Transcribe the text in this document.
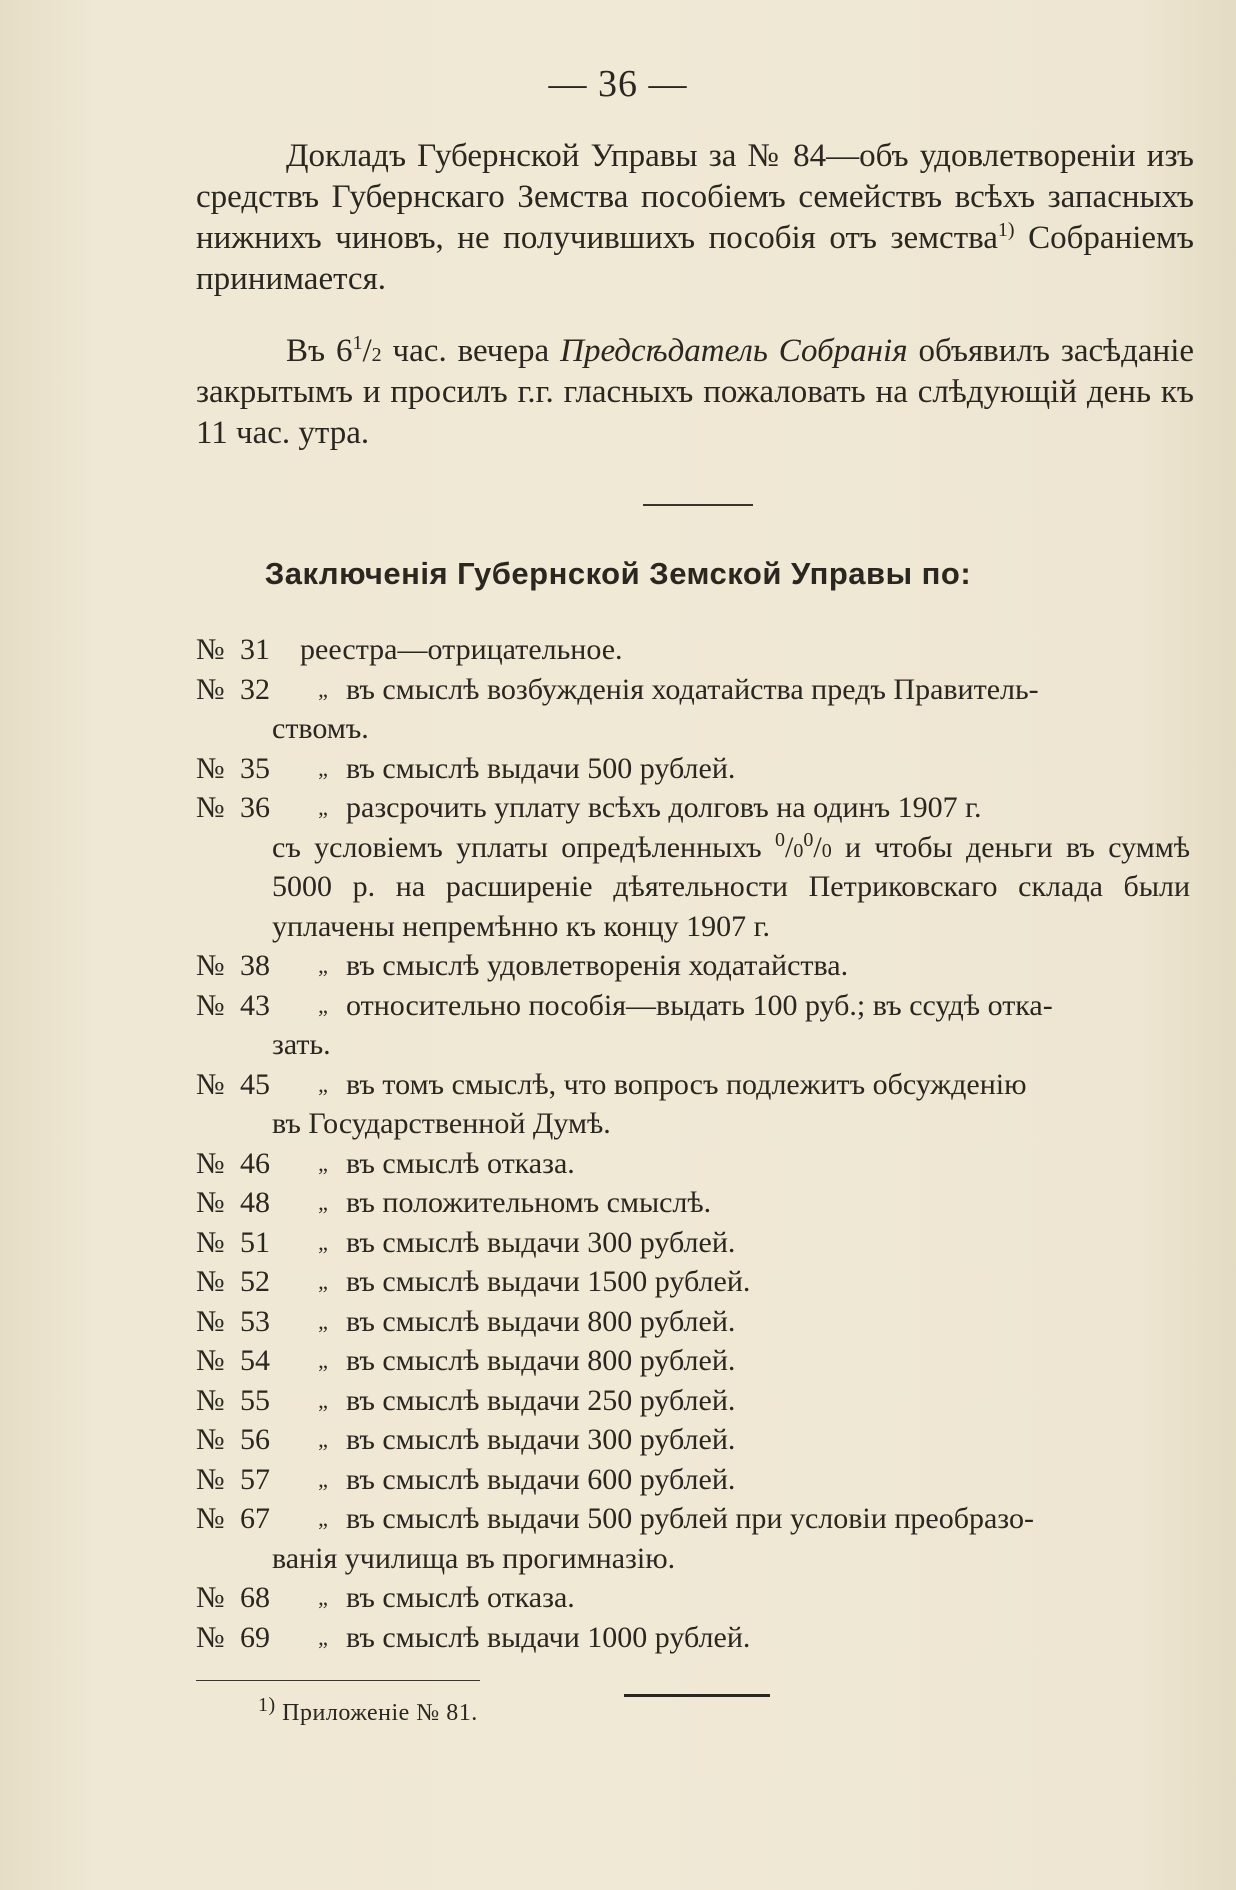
— 36 —

Докладъ Губернской Управы за № 84—объ удовлетвореніи изъ средствъ Губернскаго Земства пособіемъ семействъ всѣхъ запасныхъ нижнихъ чиновъ, не получившихъ пособія отъ земства$^{1)}$ Собраніемъ принимается.

Въ $6^1/2$ час. вечера Предсѣдатель Собранія объявилъ засѣданіе закрытымъ и просилъ г.г. гласныхъ пожаловать на слѣдующій день къ 11 час. утра.

Заключенія Губернской Земской Управы по:
№ 31	реестра—отрицательное.
№ 32	„ въ смыслѣ возбужденія ходатайства предъ Правитель-
ствомъ.
№ 35	„ въ смыслѣ выдачи 500 рублей.
№ 36	„ разсрочить уплату всѣхъ долговъ на одинъ 1907 г.
съ условіемъ уплаты опредѣленныхъ $^0/0^0/0$ и чтобы деньги въ суммѣ 5000 р. на расширеніе дѣятельности Петриковскаго склада были уплачены непремѣнно къ концу 1907 г.
№ 38	„ въ смыслѣ удовлетворенія ходатайства.
№ 43	„ относительно пособія—выдать 100 руб.; въ ссудѣ отка-
зать.
№ 45	„ въ томъ смыслѣ, что вопросъ подлежитъ обсужденію
въ Государственной Думѣ.
№ 46	„ въ смыслѣ отказа.
№ 48	„ въ положительномъ смыслѣ.
№ 51	„ въ смыслѣ выдачи 300 рублей.
№ 52	„ въ смыслѣ выдачи 1500 рублей.
№ 53	„ въ смыслѣ выдачи 800 рублей.
№ 54	„ въ смыслѣ выдачи 800 рублей.
№ 55	„ въ смыслѣ выдачи 250 рублей.
№ 56	„ въ смыслѣ выдачи 300 рублей.
№ 57	„ въ смыслѣ выдачи 600 рублей.
№ 67	„ въ смыслѣ выдачи 500 рублей при условіи преобразо-
ванія училища въ прогимназію.
№ 68	„ въ смыслѣ отказа.
№ 69	„ въ смыслѣ выдачи 1000 рублей.
$^{1)}$ Приложеніе № 81.
